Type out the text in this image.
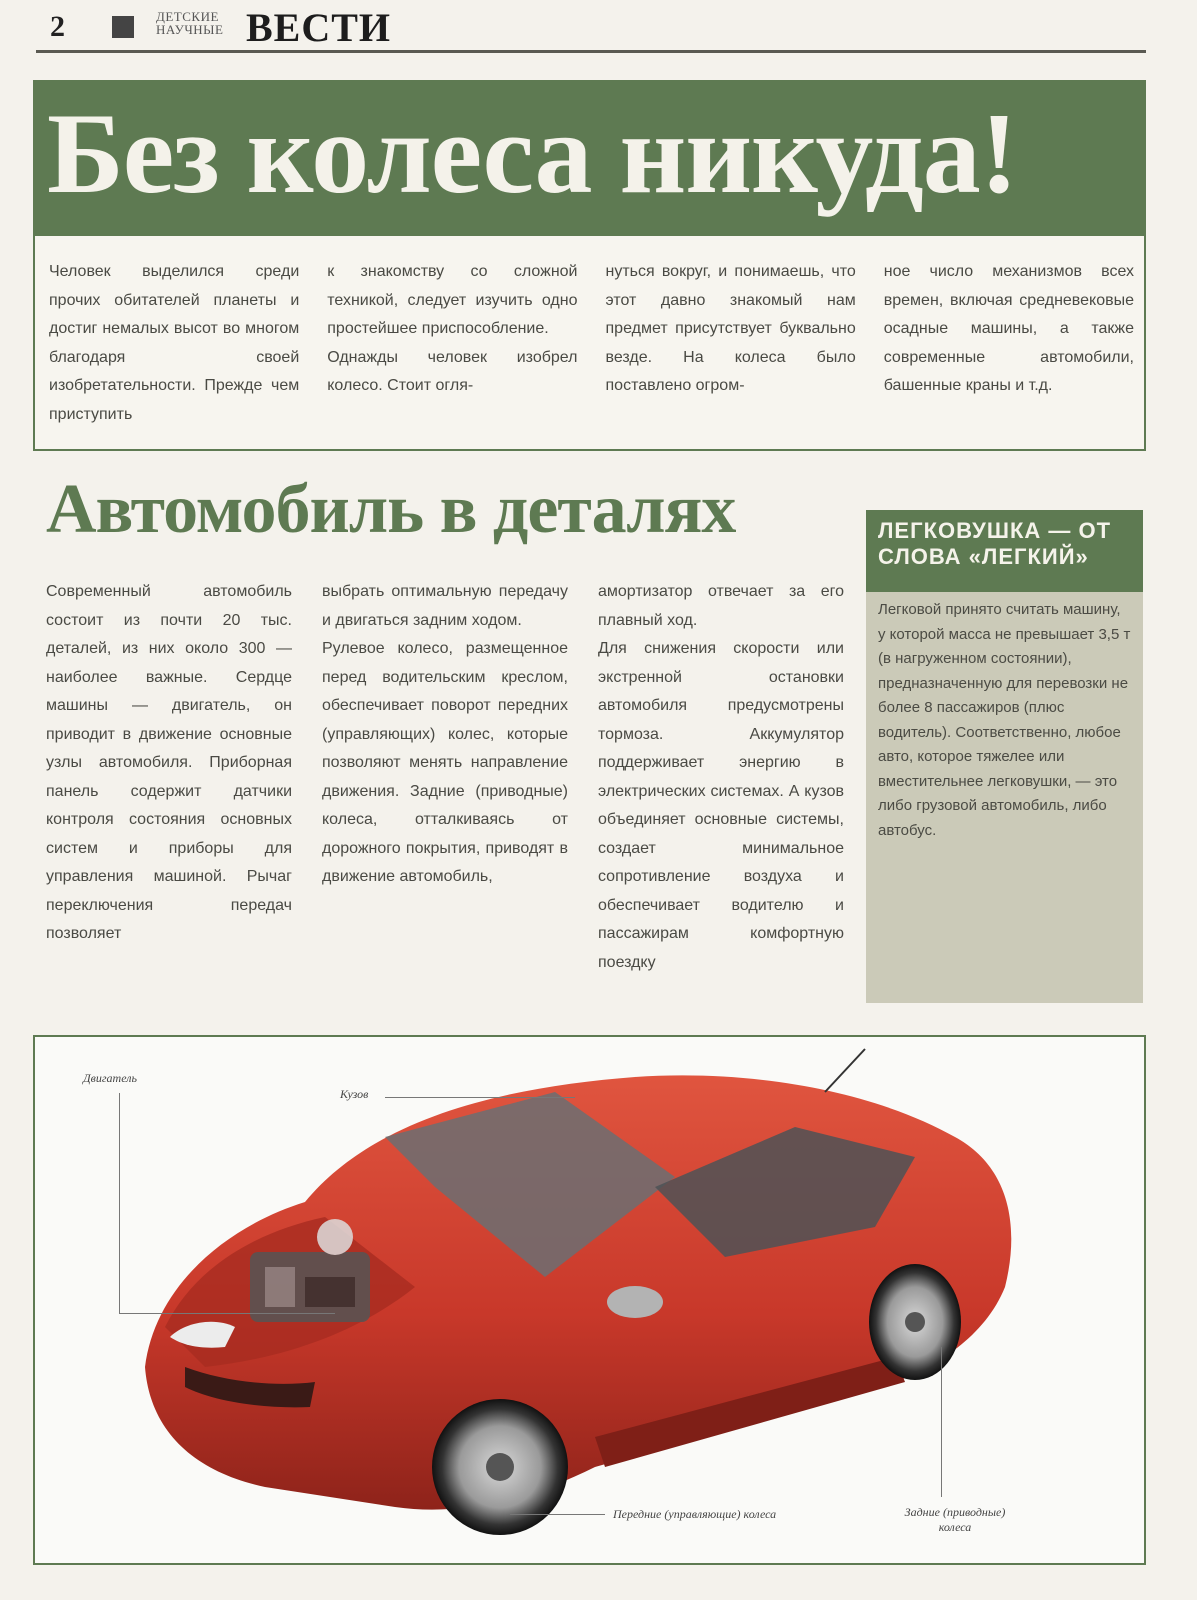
2	ДЕТСКИЕ
НАУЧНЫЕ ВЕСТИ
Без колеса никуда!

Человек выделился среди прочих обитателей планеты и достиг немалых высот во многом благодаря своей изобретательности. Прежде чем приступить

к знакомству со сложной техникой, следует изучить одно простейшее приспособление.

Однажды человек изобрел колесо. Стоит огля-

нуться вокруг, и понимаешь, что этот давно знакомый нам предмет присутствует буквально везде. На колеса было поставлено огром-

ное число механизмов всех времен, включая средневековые осадные машины, а также современные автомобили, башенные краны и т.д.

Автомобиль в деталях

Современный автомобиль состоит из почти 20 тыс. деталей, из них около 300 — наиболее важные. Сердце машины — двигатель, он приводит в движение основные узлы автомобиля. Приборная панель содержит датчики контроля состояния основных систем и приборы для управления машиной. Рычаг переключения передач позволяет

выбрать оптимальную передачу и двигаться задним ходом.

Рулевое колесо, размещенное перед водительским креслом, обеспечивает поворот передних (управляющих) колес, которые позволяют менять направление движения. Задние (приводные) колеса, отталкиваясь от дорожного покрытия, приводят в движение автомобиль,

амортизатор отвечает за его плавный ход.

Для снижения скорости или экстренной остановки автомобиля предусмотрены тормоза. Аккумулятор поддерживает энергию в электрических системах. А кузов объединяет основные системы, создает минимальное сопротивление воздуха и обеспечивает водителю и пассажирам комфортную поездку

ЛЕГКОВУШКА — ОТ СЛОВА «ЛЕГКИЙ»
Легковой принято считать машину, у которой масса не превышает 3,5 т (в нагруженном состоянии), предназначенную для перевозки не более 8 пассажиров (плюс водитель). Соответственно, любое авто, которое тяжелее или вместительнее легковушки, — это либо грузовой автомобиль, либо автобус.
Двигатель
Кузов
Передние (управляющие) колеса	Задние (приводные) колеса
